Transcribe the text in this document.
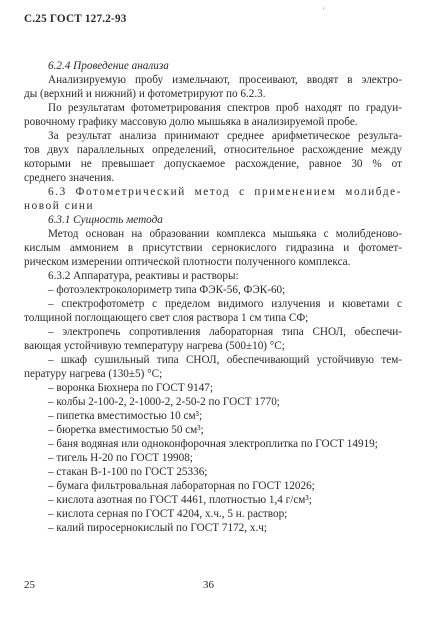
С.25 ГОСТ 127.2-93
'
6.2.4 Проведение анализа
Анализируемую пробу измельчают, просеивают, вводят в электро-
ды (верхний и нижний) и фотометрируют по 6.2.3.
По результатам фотометрирования спектров проб находят по градуи-
ровочному графику массовую долю мышьяка в анализируемой пробе.
За результат анализа принимают среднее арифметическое результа-
тов двух параллельных определений, относительное расхождение между
которыми не превышает допускаемое расхождение, равное 30 % от
среднего значения.
6.3 Фотометрический метод с применением молибде-
новой сини
6.3.1 Сущность метода
Метод основан на образовании комплекса мышьяка с молибденово-
кислым аммонием в присутствии сернокислого гидразина и фотомет-
рическом измерении оптической плотности полученного комплекса.
6.3.2 Аппаратура, реактивы и растворы:
– фотоэлектроколориметр типа ФЭК-56, ФЭК-60;
– спектрофотометр с пределом видимого излучения и кюветами с
толщиной поглощающего свет слоя раствора 1 см типа СФ;
– электропечь сопротивления лабораторная типа СНОЛ, обеспечи-
вающая устойчивую температуру нагрева (500±10) °С;
– шкаф сушильный типа СНОЛ, обеспечивающий устойчивую тем-
пературу нагрева (130±5) °С;
– воронка Бюхнера по ГОСТ 9147;
– колбы 2-100-2, 2-1000-2, 2-50-2 по ГОСТ 1770;
– пипетка вместимостью 10 см³;
– бюретка вместимостью 50 см³;
– баня водяная или одноконфорочная электроплитка по ГОСТ 14919;
– тигель Н-20 по ГОСТ 19908;
– стакан В-1-100 по ГОСТ 25336;
– бумага фильтровальная лабораторная по ГОСТ 12026;
– кислота азотная по ГОСТ 4461, плотностью 1,4 г/см³;
– кислота серная по ГОСТ 4204, х.ч., 5 н. раствор;
– калий пиросернокислый по ГОСТ 7172, х.ч;
25	36
